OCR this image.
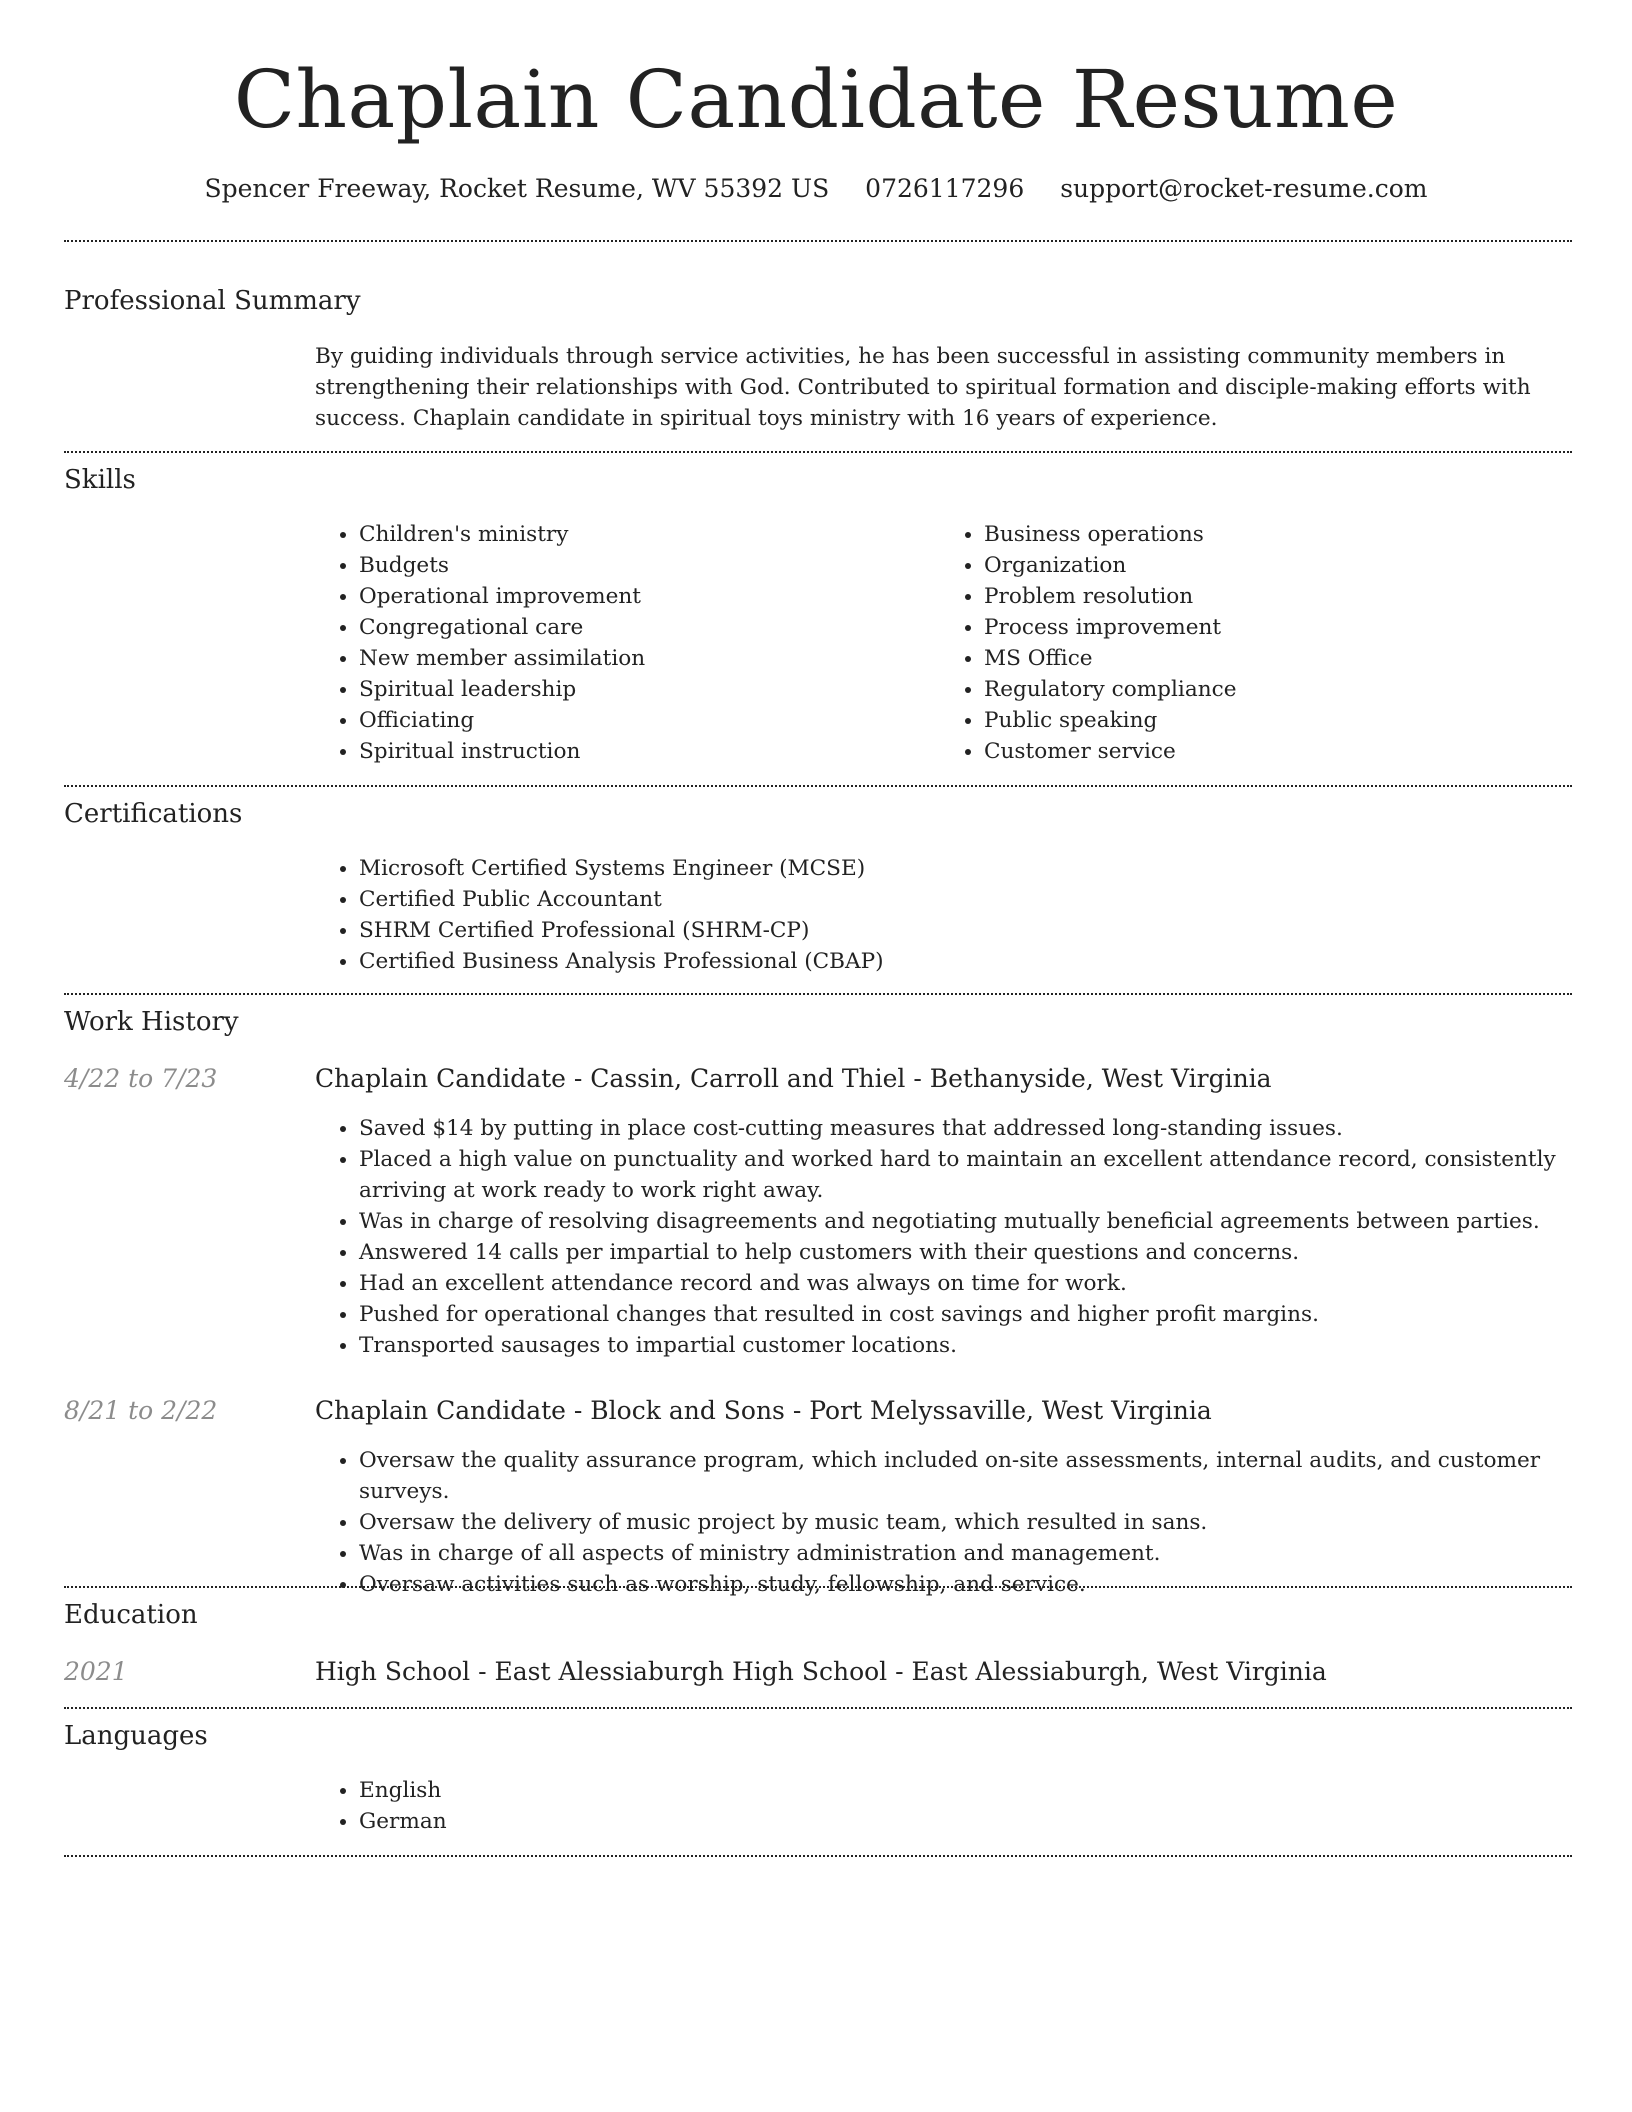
Chaplain Candidate Resume
Spencer Freeway, Rocket Resume, WV 55392 US 0726117296 support@rocket-resume.com
Professional Summary

By guiding individuals through service activities, he has been successful in assisting community members in strengthening their relationships with God. Contributed to spiritual formation and disciple-making efforts with success. Chaplain candidate in spiritual toys ministry with 16 years of experience.

Skills
• Children's ministry
• Budgets
• Operational improvement
• Congregational care
• New member assimilation
• Spiritual leadership
• Officiating
• Spiritual instruction
• Business operations
• Organization
• Problem resolution
• Process improvement
• MS Office
• Regulatory compliance
• Public speaking
• Customer service
Certifications
• Microsoft Certified Systems Engineer (MCSE)
• Certified Public Accountant
• SHRM Certified Professional (SHRM-CP)
• Certified Business Analysis Professional (CBAP)
Work History
4/22 to 7/23	Chaplain Candidate - Cassin, Carroll and Thiel - Bethanyside, West Virginia
• Saved $14 by putting in place cost-cutting measures that addressed long-standing issues.
• Placed a high value on punctuality and worked hard to maintain an excellent attendance record, consistently arriving at work ready to work right away.
• Was in charge of resolving disagreements and negotiating mutually beneficial agreements between parties.
• Answered 14 calls per impartial to help customers with their questions and concerns.
• Had an excellent attendance record and was always on time for work.
• Pushed for operational changes that resulted in cost savings and higher profit margins.
• Transported sausages to impartial customer locations.
8/21 to 2/22	Chaplain Candidate - Block and Sons - Port Melyssaville, West Virginia
• Oversaw the quality assurance program, which included on-site assessments, internal audits, and customer surveys.
• Oversaw the delivery of music project by music team, which resulted in sans.
• Was in charge of all aspects of ministry administration and management.
• Oversaw activities such as worship, study, fellowship, and service.
Education
2021	High School - East Alessiaburgh High School - East Alessiaburgh, West Virginia
Languages
• English
• German
